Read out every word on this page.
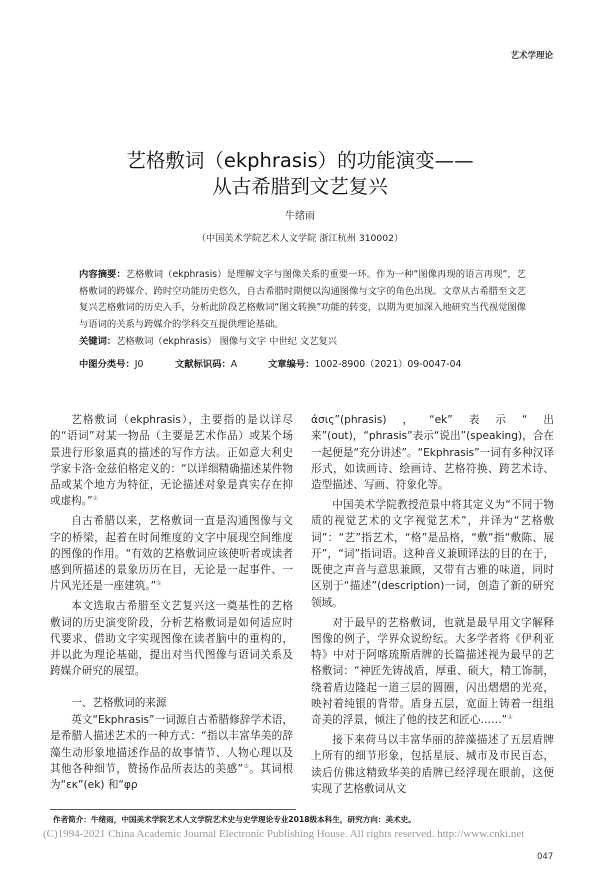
艺术学理论
艺格敷词（ekphrasis）的功能演变——
从古希腊到文艺复兴
牛绪雨
（中国美术学院艺术人文学院 浙江杭州 310002）
内容摘要：艺格敷词（ekphrasis）是理解文字与图像关系的重要一环。作为一种“图像再现的语言再现”，艺格敷词的跨媒介、跨时空功能历史悠久，自古希腊时期便以沟通图像与文字的角色出现。文章从古希腊至文艺复兴艺格敷词的历史入手，分析此阶段艺格敷词“图文转换”功能的转变，以期为更加深入地研究当代视觉图像与语词的关系与跨媒介的学科交互提供理论基础。
关键词：艺格敷词（ekphrasis） 图像与文字 中世纪 文艺复兴
中图分类号：J0	文献标识码：A	文章编号：1002-8900（2021）09-0047-04

艺格敷词（ekphrasis），主要指的是以详尽的“语词”对某一物品（主要是艺术作品）或某个场景进行形象逼真的描述的写作方法。正如意大利史学家卡洛·金兹伯格定义的：“以详细精确描述某件物品或某个地方为特征，无论描述对象是真实存在抑或虚构。”①

自古希腊以来，艺格敷词一直是沟通图像与文字的桥梁，起着在时间维度的文字中展现空间维度的图像的作用。“有效的艺格敷词应该使听者或读者感到所描述的景象历历在目，无论是一起事件、一片风光还是一座建筑。”②

本文选取古希腊至文艺复兴这一奠基性的艺格敷词的历史演变阶段，分析艺格敷词是如何适应时代要求、借助文字实现图像在读者脑中的重构的，并以此为理论基础，提出对当代图像与语词关系及跨媒介研究的展望。

一、艺格敷词的来源

英文“Ekphrasis”一词源自古希腊修辞学术语，是希腊人描述艺术的一种方式：“指以丰富华美的辞藻生动形象地描述作品的故事情节、人物心理以及其他各种细节，赞扬作品所表达的美感”③。其词根为“εκ”(ek) 和“φρ

άσις”(phrasis)，“ek”表示“出来”(out)，“phrasis”表示“说出”(speaking)，合在一起便是“充分讲述”。“Ekphrasis”一词有多种汉译形式，如读画诗、绘画诗、艺格符换、跨艺术诗、造型描述、写画、符象化等。

中国美术学院教授范景中将其定义为“不同于物质的视觉艺术的文字视觉艺术”，并译为“艺格敷词”：“艺”指艺术，“格”是品格，“敷”指“敷陈、展开”，“词”指词语。这种音义兼顾译法的目的在于，既使之声音与意思兼顾，又带有古雅的味道，同时区别于“描述”(description)一词，创造了新的研究领域。

对于最早的艺格敷词，也就是最早用文字解释图像的例子，学界众说纷纭。大多学者将《伊利亚特》中对于阿喀琉斯盾牌的长篇描述视为最早的艺格敷词：“神匠先铸战盾，厚重、硕大，精工饰制，绕着盾边隆起一道三层的圆圈，闪出熠熠的光亮，映衬着纯银的背带。盾身五层，宽面上铸着一组组奇美的浮景，倾注了他的技艺和匠心……”④

接下来荷马以丰富华丽的辞藻描述了五层盾牌上所有的细节形象，包括星辰、城市及市民百态，读后仿佛这精致华美的盾牌已经浮现在眼前，这便实现了艺格敷词从文

作者简介：牛绪雨，中国美术学院艺术人文学院艺术史与史学理论专业2018级本科生，研究方向：美术史。
(C)1994-2021 China Academic Journal Electronic Publishing House. All rights reserved. http://www.cnki.net
047
